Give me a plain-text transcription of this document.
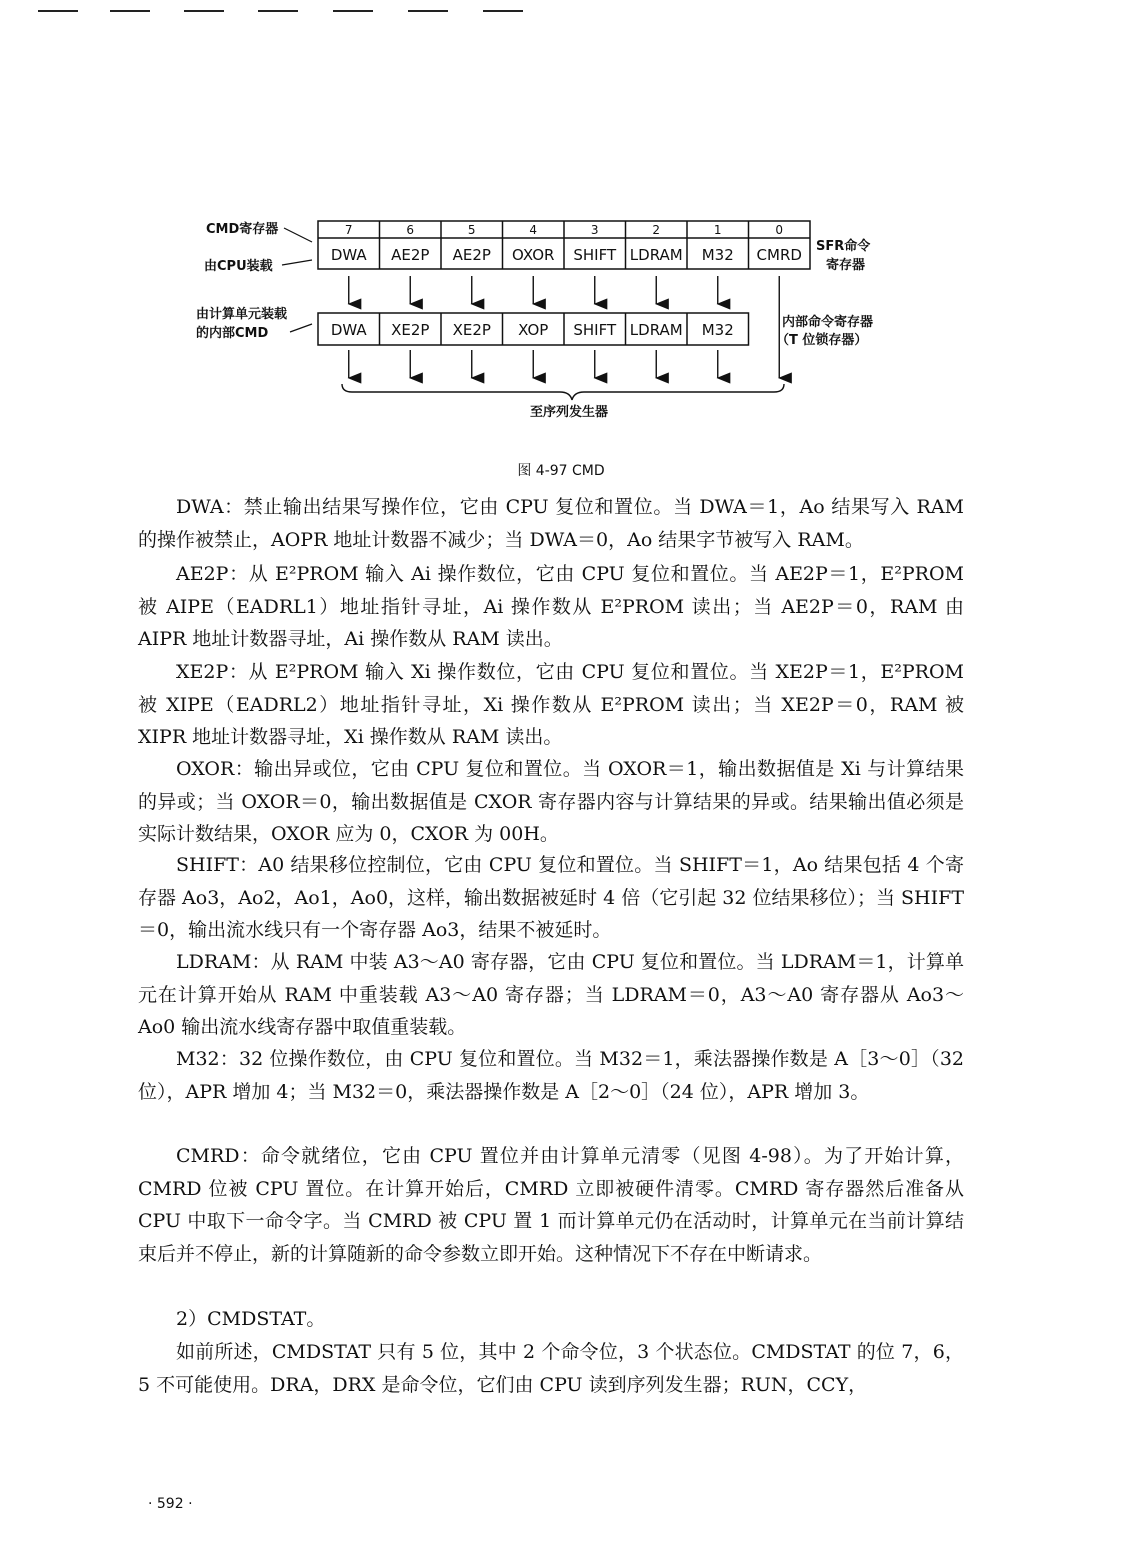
7	6	5	4	3	2	1	0
DWA AE2P AE2P OXOR SHIFT LDRAM M32 CMRD
DWA XE2P XE2P XOP SHIFT LDRAM M32
CMD寄存器
由CPU装载
由计算单元装载
的内部CMD
SFR命令
寄存器
内部命令寄存器
（T 位锁存器）
至序列发生器
图 4-97 CMD

DWA：禁止输出结果写操作位，它由 CPU 复位和置位。当 DWA＝1，Ao 结果写入 RAM 的操作被禁止，AOPR 地址计数器不减少；当 DWA＝0，Ao 结果字节被写入 RAM。

AE2P：从 E²PROM 输入 Ai 操作数位，它由 CPU 复位和置位。当 AE2P＝1，E²PROM 被 AIPE（EADRL1）地址指针寻址，Ai 操作数从 E²PROM 读出；当 AE2P＝0，RAM 由 AIPR 地址计数器寻址，Ai 操作数从 RAM 读出。

XE2P：从 E²PROM 输入 Xi 操作数位，它由 CPU 复位和置位。当 XE2P＝1，E²PROM 被 XIPE（EADRL2）地址指针寻址，Xi 操作数从 E²PROM 读出；当 XE2P＝0，RAM 被 XIPR 地址计数器寻址，Xi 操作数从 RAM 读出。

OXOR：输出异或位，它由 CPU 复位和置位。当 OXOR＝1，输出数据值是 Xi 与计算结果的异或；当 OXOR＝0，输出数据值是 CXOR 寄存器内容与计算结果的异或。结果输出值必须是实际计数结果，OXOR 应为 0，CXOR 为 00H。

SHIFT：A0 结果移位控制位，它由 CPU 复位和置位。当 SHIFT＝1，Ao 结果包括 4 个寄存器 Ao3，Ao2，Ao1，Ao0，这样，输出数据被延时 4 倍（它引起 32 位结果移位）；当 SHIFT＝0，输出流水线只有一个寄存器 Ao3，结果不被延时。

LDRAM：从 RAM 中装 A3～A0 寄存器，它由 CPU 复位和置位。当 LDRAM＝1，计算单元在计算开始从 RAM 中重装载 A3～A0 寄存器；当 LDRAM＝0，A3～A0 寄存器从 Ao3～Ao0 输出流水线寄存器中取值重装载。

M32：32 位操作数位，由 CPU 复位和置位。当 M32＝1，乘法器操作数是 A［3～0］（32 位），APR 增加 4；当 M32＝0，乘法器操作数是 A［2～0］（24 位），APR 增加 3。

CMRD：命令就绪位，它由 CPU 置位并由计算单元清零（见图 4-98）。为了开始计算，CMRD 位被 CPU 置位。在计算开始后，CMRD 立即被硬件清零。CMRD 寄存器然后准备从 CPU 中取下一命令字。当 CMRD 被 CPU 置 1 而计算单元仍在活动时，计算单元在当前计算结束后并不停止，新的计算随新的命令参数立即开始。这种情况下不存在中断请求。

2）CMDSTAT。

如前所述，CMDSTAT 只有 5 位，其中 2 个命令位，3 个状态位。CMDSTAT 的位 7，6，5 不可能使用。DRA，DRX 是命令位，它们由 CPU 读到序列发生器；RUN，CCY，

· 592 ·
